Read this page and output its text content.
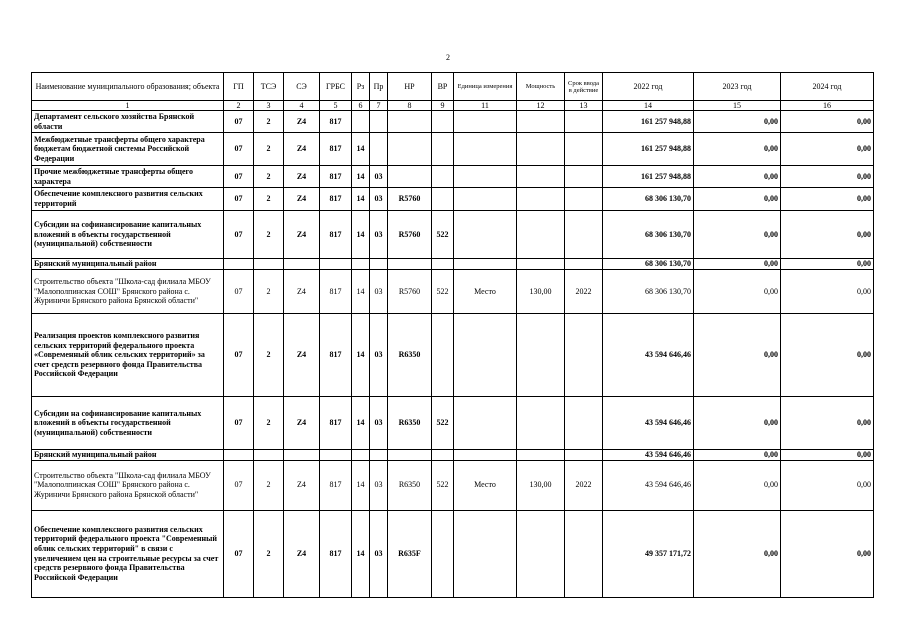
2
Наименование муниципального образования; объекта	ГП	ТСЭ	СЭ	ГРБС	Рз	Пр	НР	ВР	Единица измерения	Мощность	Срок ввода в действие	2022 год	2023 год	2024 год
1	2	3	4	5	6	7	8	9	11	12	13	14	15	16
Департамент сельского хозяйства Брянской области	07	2	Z4	817								161 257 948,88	0,00	0,00
Межбюджетные трансферты общего характера бюджетам бюджетной системы Российской Федерации	07	2	Z4	817	14							161 257 948,88	0,00	0,00
Прочие межбюджетные трансферты общего характера	07	2	Z4	817	14	03						161 257 948,88	0,00	0,00
Обеспечение комплексного развития сельских территорий	07	2	Z4	817	14	03	R5760					68 306 130,70	0,00	0,00
Субсидии на софинансирование капитальных вложений в объекты государственной (муниципальной) собственности	07	2	Z4	817	14	03	R5760	522				68 306 130,70	0,00	0,00
Брянский муниципальный район												68 306 130,70	0,00	0,00
Строительство объекта "Школа-сад филиала МБОУ "Малополпинская СОШ" Брянского района с. Журиничи Брянского района Брянской области"	07	2	Z4	817	14	03	R5760	522	Место	130,00	2022	68 306 130,70	0,00	0,00
Реализация проектов комплексного развития сельских территорий федерального проекта «Современный облик сельских территорий» за счет средств резервного фонда Правительства Российской Федерации	07	2	Z4	817	14	03	R6350					43 594 646,46	0,00	0,00
Субсидии на софинансирование капитальных вложений в объекты государственной (муниципальной) собственности	07	2	Z4	817	14	03	R6350	522				43 594 646,46	0,00	0,00
Брянский муниципальный район												43 594 646,46	0,00	0,00
Строительство объекта "Школа-сад филиала МБОУ "Малополпинская СОШ" Брянского района с. Журиничи Брянского района Брянской области"	07	2	Z4	817	14	03	R6350	522	Место	130,00	2022	43 594 646,46	0,00	0,00
Обеспечение комплексного развития сельских территорий федерального проекта "Современный облик сельских территорий" в связи с увеличением цен на строительные ресурсы за счет средств резервного фонда Правительства Российской Федерации	07	2	Z4	817	14	03	R635F					49 357 171,72	0,00	0,00
